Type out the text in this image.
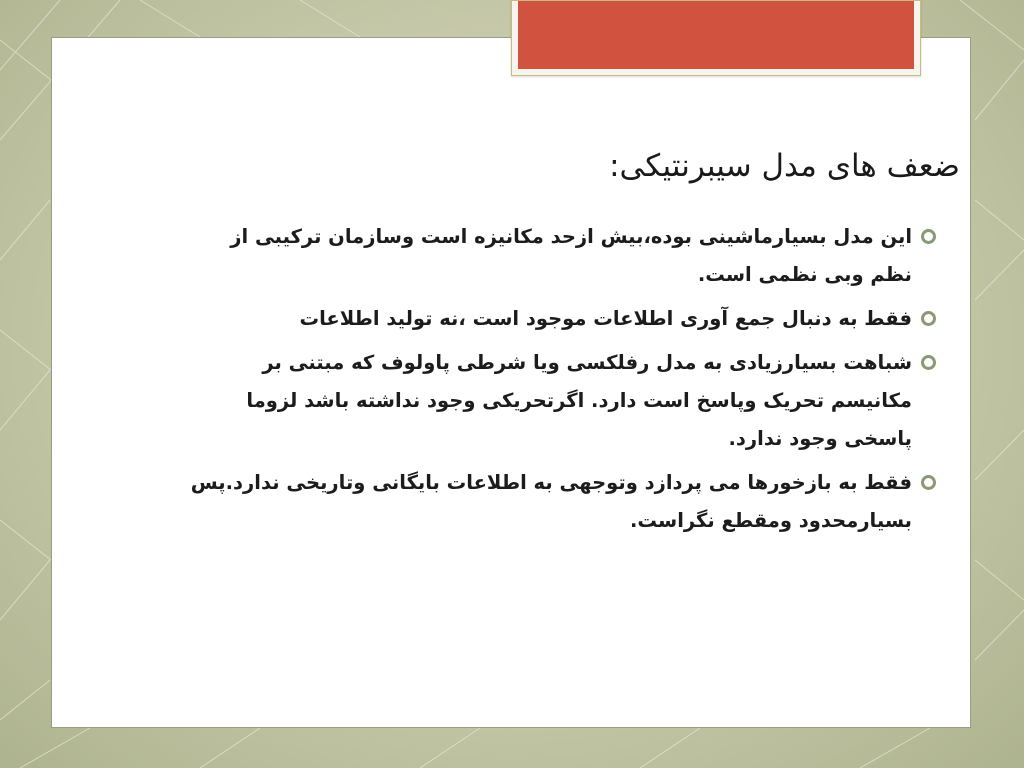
ضعف های مدل سیبرنتیکی:
این مدل بسیارماشینی بوده،بیش ازحد مکانیزه است وسازمان ترکیبی از نظم وبی نظمی است.
فقط به دنبال جمع آوری اطلاعات موجود است ،نه تولید اطلاعات
شباهت بسیارزیادی به مدل رفلکسی ویا شرطی پاولوف که مبتنی بر مکانیسم تحریک وپاسخ است دارد. اگرتحریکی وجود نداشته باشد لزوما پاسخی وجود ندارد.
فقط به بازخورها می پردازد وتوجهی به اطلاعات بایگانی وتاریخی ندارد.پس بسیارمحدود ومقطع نگراست.
